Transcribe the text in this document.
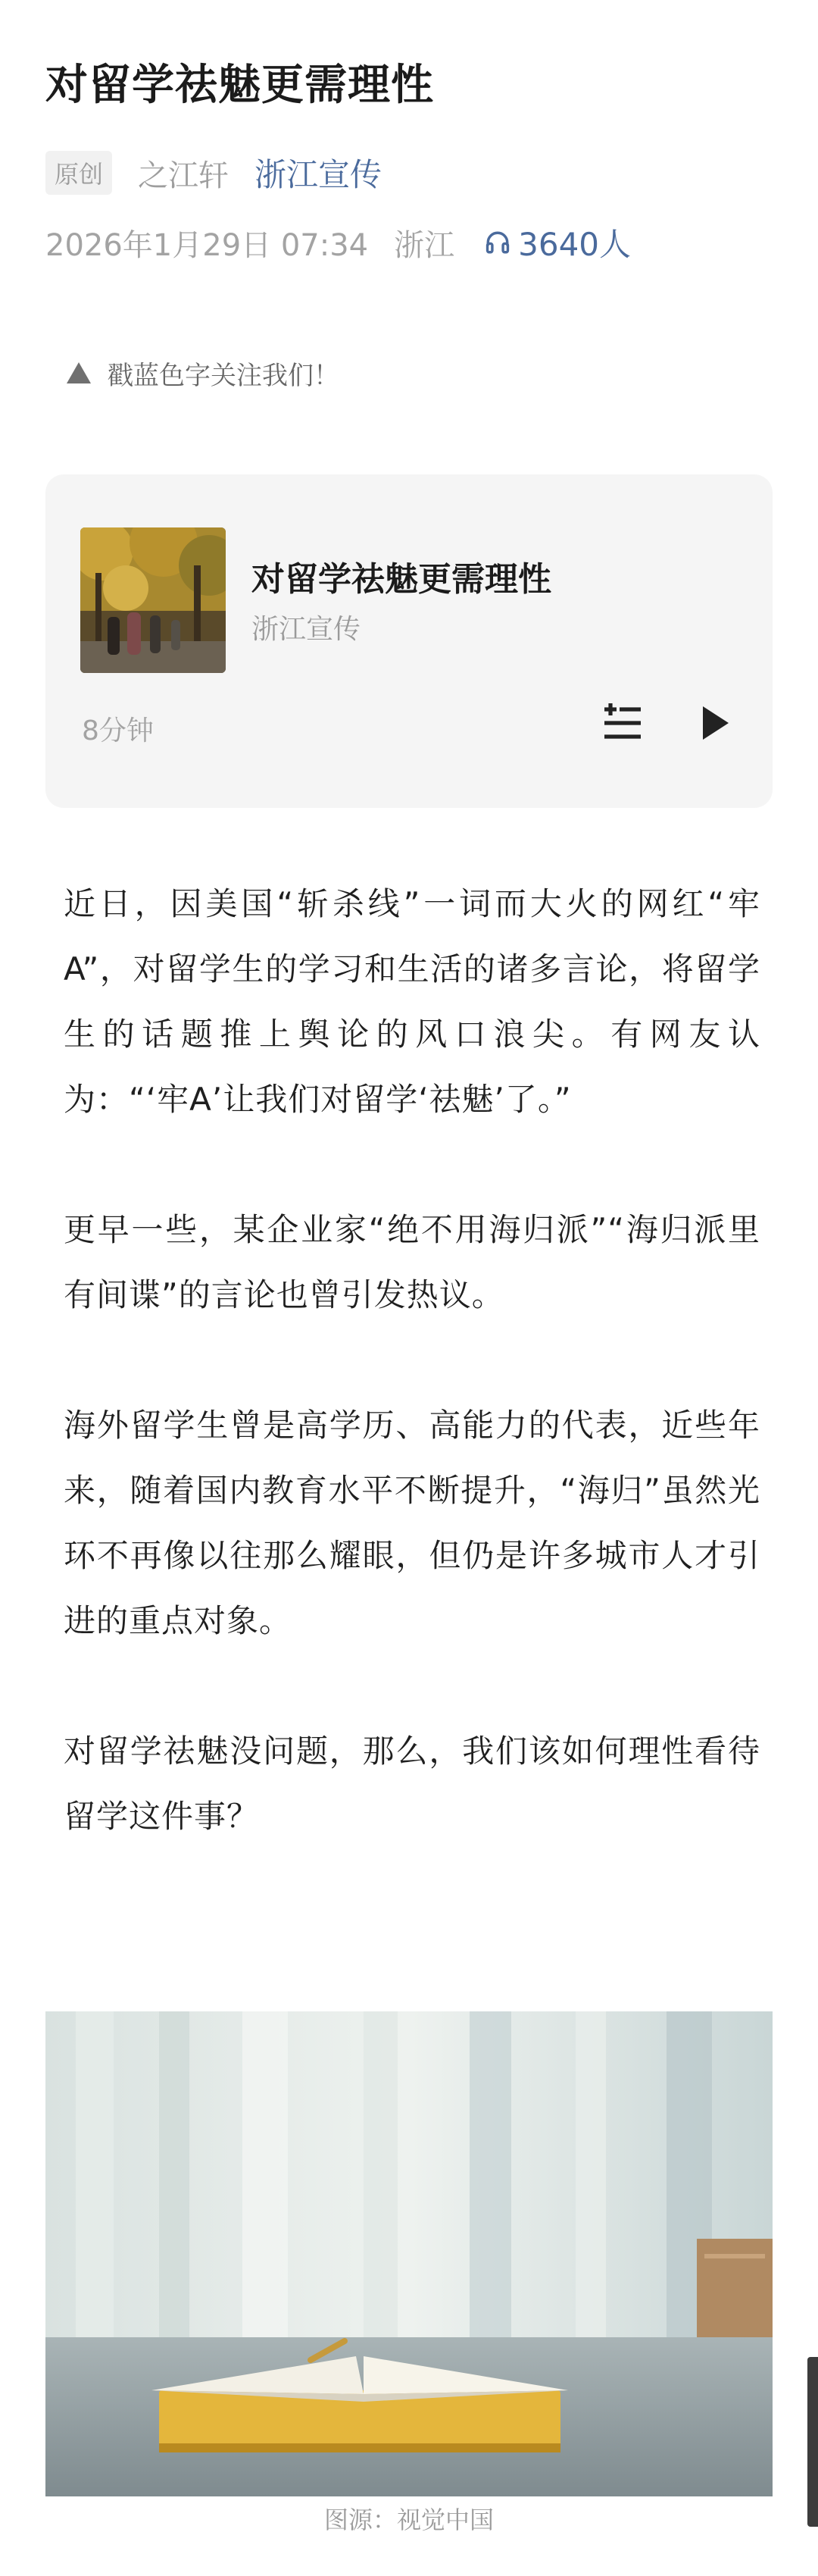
对留学祛魅更需理性
原创	之江轩 浙江宣传
2026年1月29日 07:34 浙江 3640人
戳蓝色字关注我们！
对留学祛魅更需理性
浙江宣传
8分钟

近日，因美国“斩杀线”一词而大火的网红“牢A”，对留学生的学习和生活的诸多言论，将留学生的话题推上舆论的风口浪尖。有网友认为：“‘牢A’让我们对留学‘祛魅’了。”

更早一些，某企业家“绝不用海归派”“海归派里有间谍”的言论也曾引发热议。

海外留学生曾是高学历、高能力的代表，近些年来，随着国内教育水平不断提升，“海归”虽然光环不再像以往那么耀眼，但仍是许多城市人才引进的重点对象。

对留学祛魅没问题，那么，我们该如何理性看待留学这件事？

图源：视觉中国
